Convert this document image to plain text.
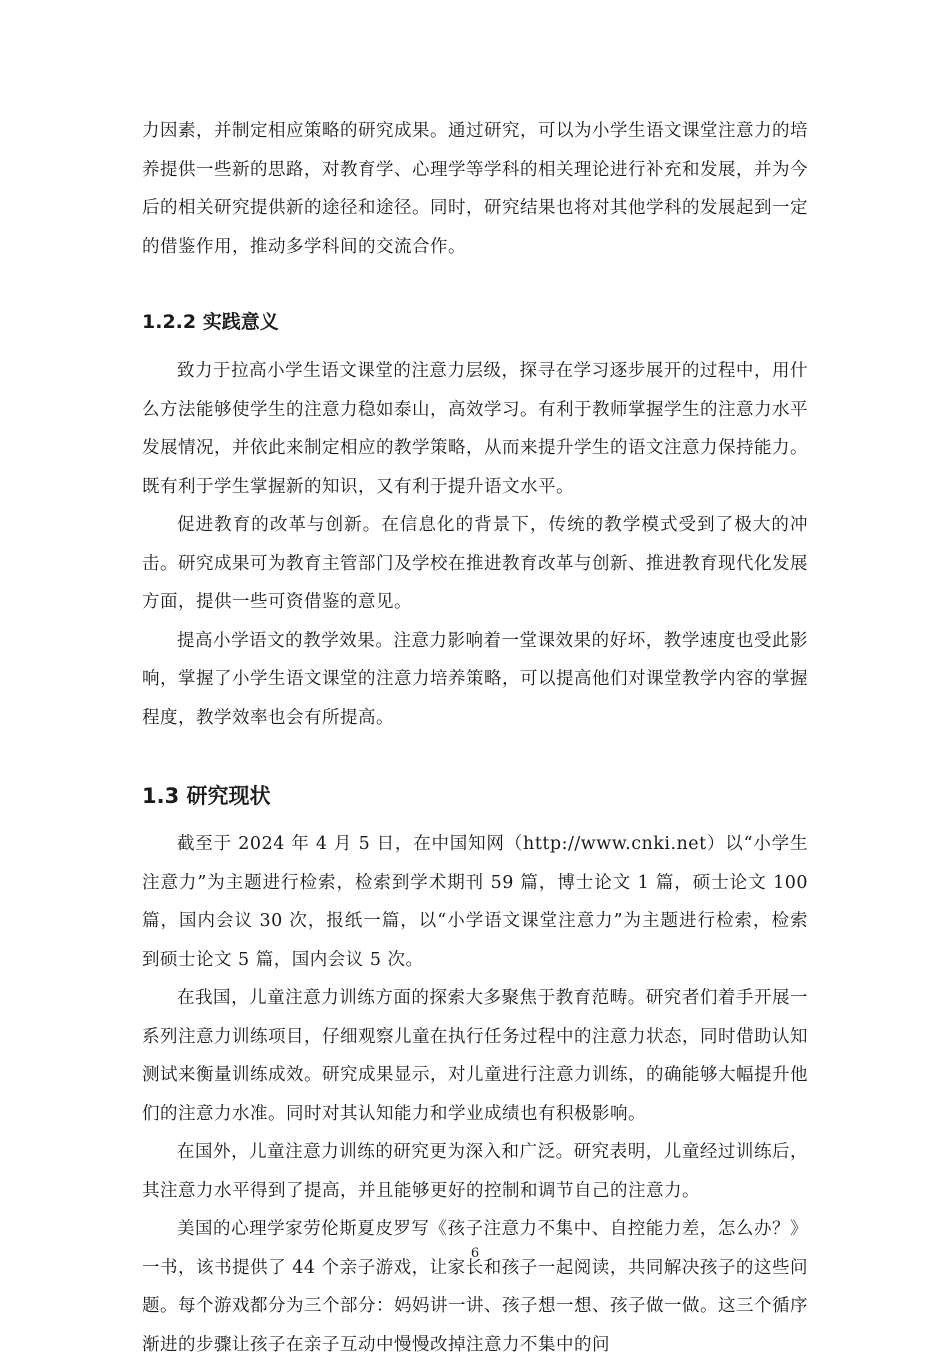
力因素，并制定相应策略的研究成果。通过研究，可以为小学生语文课堂注意力的培养提供一些新的思路，对教育学、心理学等学科的相关理论进行补充和发展，并为今后的相关研究提供新的途径和途径。同时，研究结果也将对其他学科的发展起到一定的借鉴作用，推动多学科间的交流合作。

1.2.2 实践意义

致力于拉高小学生语文课堂的注意力层级，探寻在学习逐步展开的过程中，用什么方法能够使学生的注意力稳如泰山，高效学习。有利于教师掌握学生的注意力水平发展情况，并依此来制定相应的教学策略，从而来提升学生的语文注意力保持能力。既有利于学生掌握新的知识，又有利于提升语文水平。

促进教育的改革与创新。在信息化的背景下，传统的教学模式受到了极大的冲击。研究成果可为教育主管部门及学校在推进教育改革与创新、推进教育现代化发展方面，提供一些可资借鉴的意见。

提高小学语文的教学效果。注意力影响着一堂课效果的好坏，教学速度也受此影响，掌握了小学生语文课堂的注意力培养策略，可以提高他们对课堂教学内容的掌握程度，教学效率也会有所提高。

1.3 研究现状

截至于 2024 年 4 月 5 日，在中国知网（http://www.cnki.net）以“小学生注意力”为主题进行检索，检索到学术期刊 59 篇，博士论文 1 篇，硕士论文 100 篇，国内会议 30 次，报纸一篇，以“小学语文课堂注意力”为主题进行检索，检索到硕士论文 5 篇，国内会议 5 次。

在我国，儿童注意力训练方面的探索大多聚焦于教育范畴。研究者们着手开展一系列注意力训练项目，仔细观察儿童在执行任务过程中的注意力状态，同时借助认知测试来衡量训练成效。研究成果显示，对儿童进行注意力训练，的确能够大幅提升他们的注意力水准。同时对其认知能力和学业成绩也有积极影响。

在国外，儿童注意力训练的研究更为深入和广泛。研究表明，儿童经过训练后，其注意力水平得到了提高，并且能够更好的控制和调节自己的注意力。

美国的心理学家劳伦斯夏皮罗写《孩子注意力不集中、自控能力差，怎么办？》一书，该书提供了 44 个亲子游戏，让家长和孩子一起阅读，共同解决孩子的这些问题。每个游戏都分为三个部分：妈妈讲一讲、孩子想一想、孩子做一做。这三个循序渐进的步骤让孩子在亲子互动中慢慢改掉注意力不集中的问

6
